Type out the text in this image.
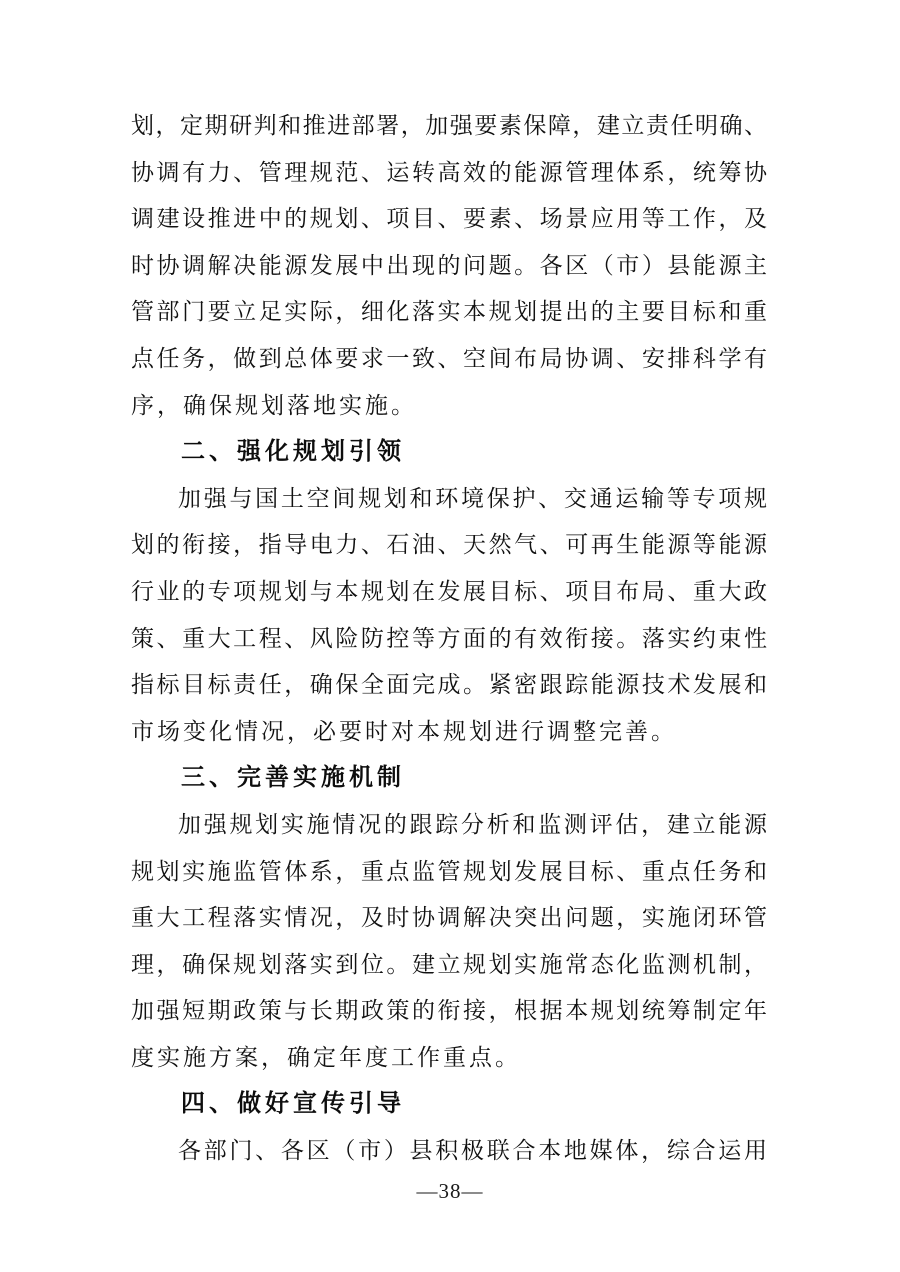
划，定期研判和推进部署，加强要素保障，建立责任明确、

协调有力、管理规范、运转高效的能源管理体系，统筹协

调建设推进中的规划、项目、要素、场景应用等工作，及

时协调解决能源发展中出现的问题。各区（市）县能源主

管部门要立足实际，细化落实本规划提出的主要目标和重

点任务，做到总体要求一致、空间布局协调、安排科学有

序，确保规划落地实施。

二、强化规划引领

加强与国土空间规划和环境保护、交通运输等专项规

划的衔接，指导电力、石油、天然气、可再生能源等能源

行业的专项规划与本规划在发展目标、项目布局、重大政

策、重大工程、风险防控等方面的有效衔接。落实约束性

指标目标责任，确保全面完成。紧密跟踪能源技术发展和

市场变化情况，必要时对本规划进行调整完善。

三、完善实施机制

加强规划实施情况的跟踪分析和监测评估，建立能源

规划实施监管体系，重点监管规划发展目标、重点任务和

重大工程落实情况，及时协调解决突出问题，实施闭环管

理，确保规划落实到位。建立规划实施常态化监测机制，

加强短期政策与长期政策的衔接，根据本规划统筹制定年

度实施方案，确定年度工作重点。

四、做好宣传引导

各部门、各区（市）县积极联合本地媒体，综合运用

—38—
